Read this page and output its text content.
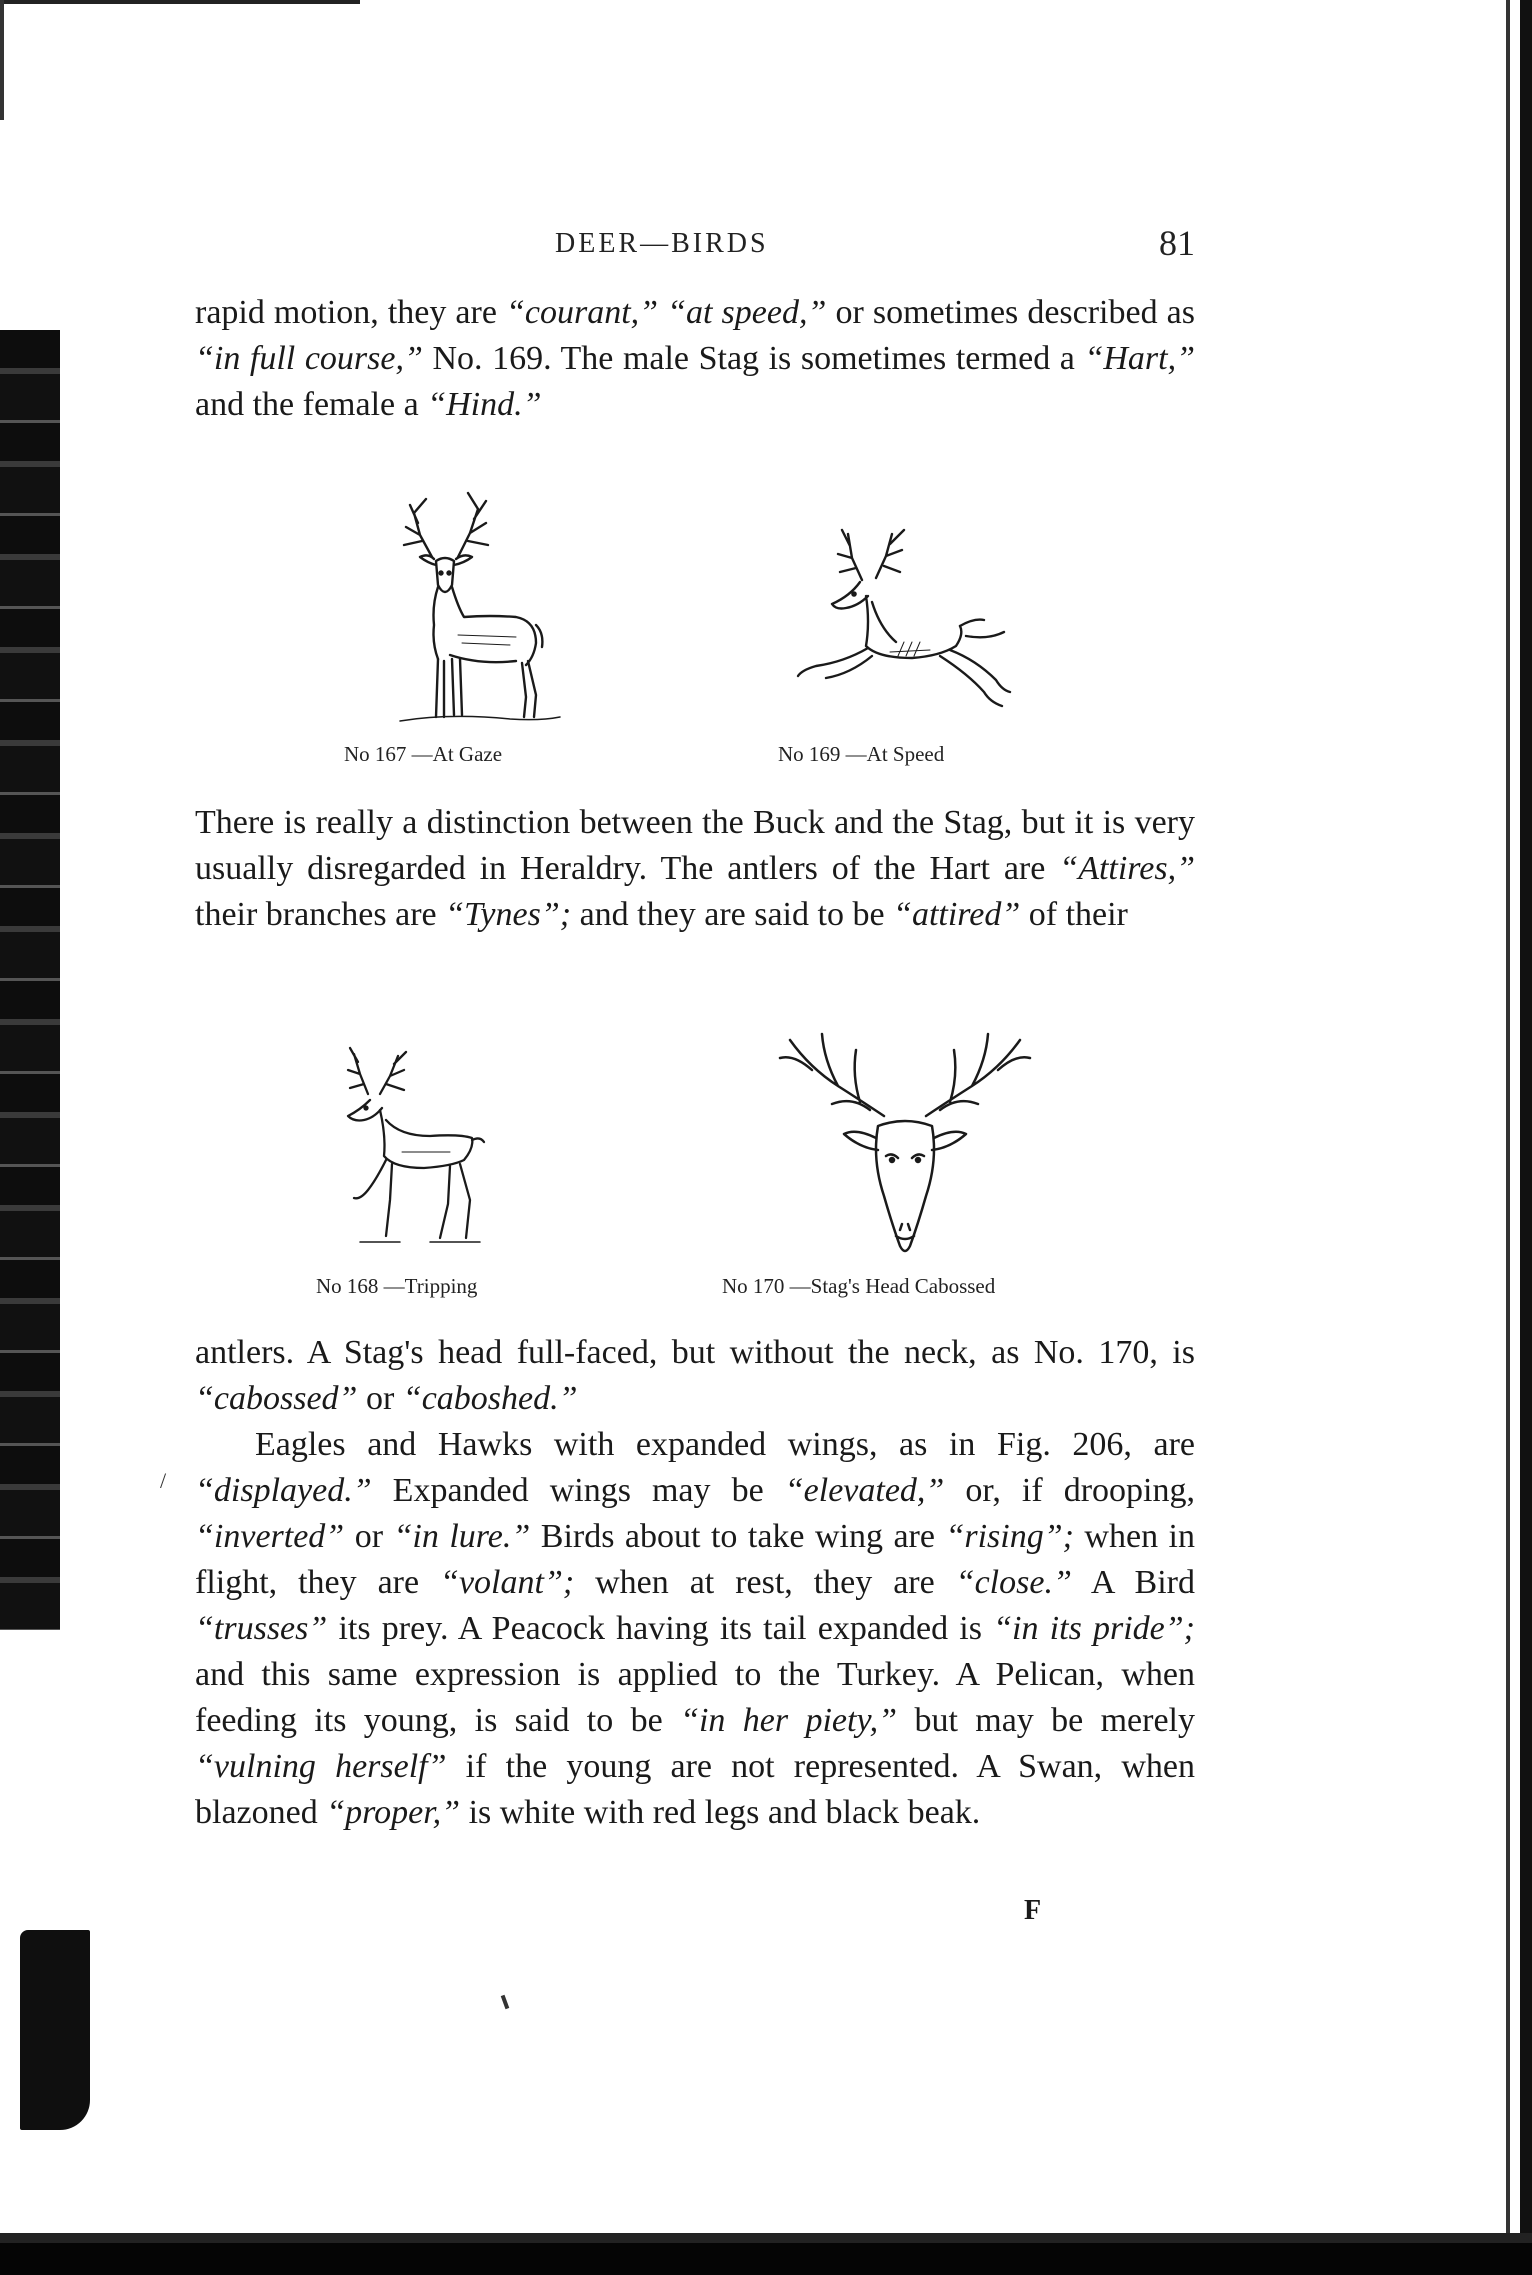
DEER—BIRDS	81

rapid motion, they are “courant,” “at speed,” or sometimes described as “in full course,” No. 169. The male Stag is sometimes termed a “Hart,” and the female a “Hind.”

No 167 —At Gaze	No 169 —At Speed

There is really a distinction between the Buck and the Stag, but it is very usually disregarded in Heraldry. The antlers of the Hart are “Attires,” their branches are “Tynes”; and they are said to be “attired” of their

No 168 —Tripping	No 170 —Stag's Head Cabossed

antlers. A Stag's head full-faced, but without the neck, as No. 170, is “cabossed” or “caboshed.”
Eagles and Hawks with expanded wings, as in Fig. 206, are “displayed.” Expanded wings may be “elevated,” or, if drooping, “inverted” or “in lure.” Birds about to take wing are “rising”; when in flight, they are “volant”; when at rest, they are “close.” A Bird “trusses” its prey. A Peacock having its tail expanded is “in its pride”; and this same expression is applied to the Turkey. A Pelican, when feeding its young, is said to be “in her piety,” but may be merely “vulning herself” if the young are not represented. A Swan, when blazoned “proper,” is white with red legs and black beak.

/
F
